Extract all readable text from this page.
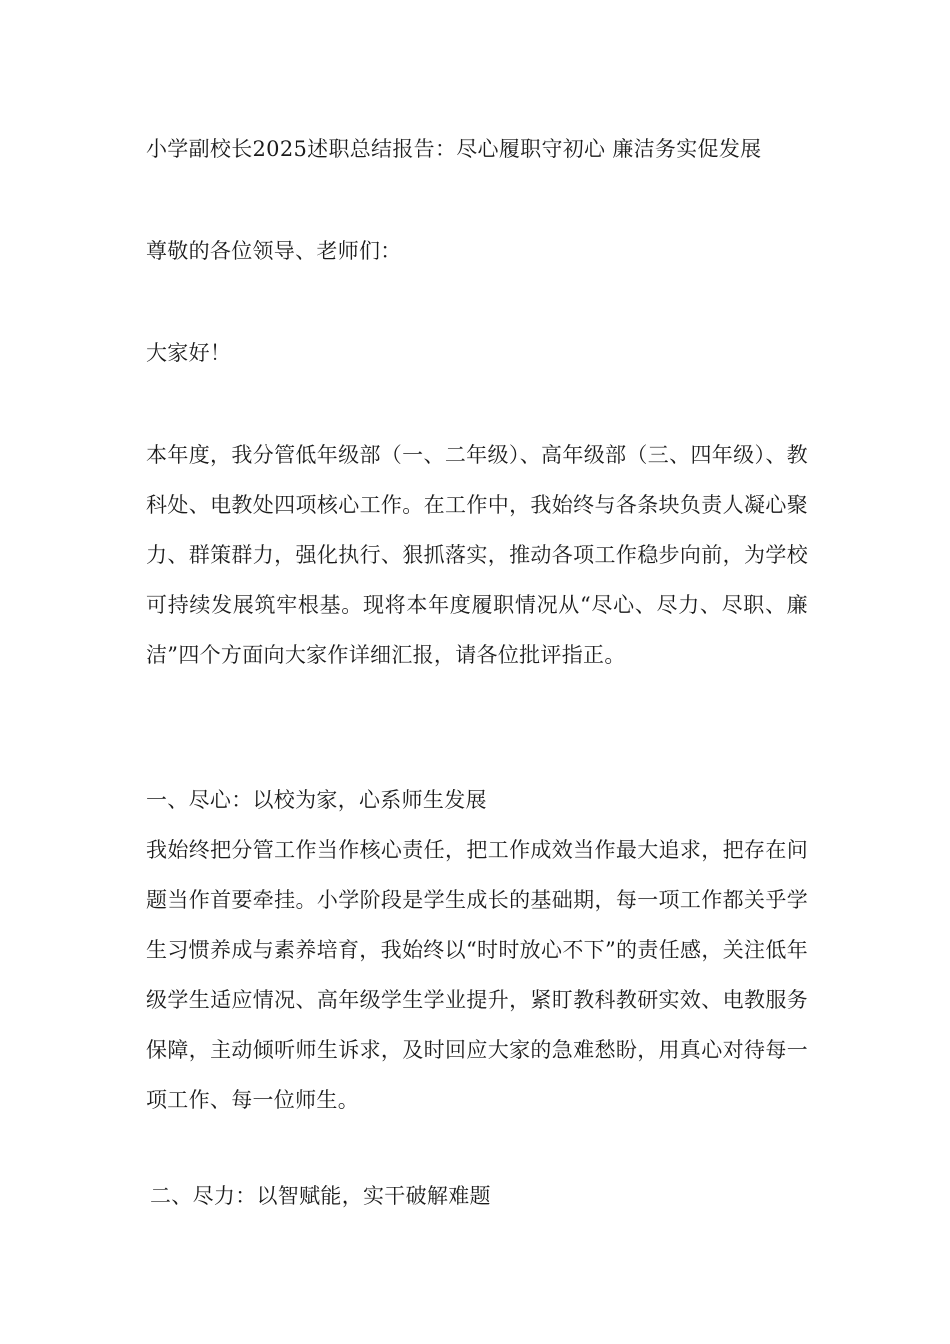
小学副校长2025述职总结报告：尽心履职守初心 廉洁务实促发展

尊敬的各位领导、老师们：

大家好！

本年度，我分管低年级部（一、二年级）、高年级部（三、四年级）、教科处、电教处四项核心工作。在工作中，我始终与各条块负责人凝心聚力、群策群力，强化执行、狠抓落实，推动各项工作稳步向前，为学校可持续发展筑牢根基。现将本年度履职情况从“尽心、尽力、尽职、廉洁”四个方面向大家作详细汇报，请各位批评指正。

一、尽心：以校为家，心系师生发展

我始终把分管工作当作核心责任，把工作成效当作最大追求，把存在问题当作首要牵挂。小学阶段是学生成长的基础期，每一项工作都关乎学生习惯养成与素养培育，我始终以“时时放心不下”的责任感，关注低年级学生适应情况、高年级学生学业提升，紧盯教科教研实效、电教服务保障，主动倾听师生诉求，及时回应大家的急难愁盼，用真心对待每一项工作、每一位师生。

二、尽力：以智赋能，实干破解难题
